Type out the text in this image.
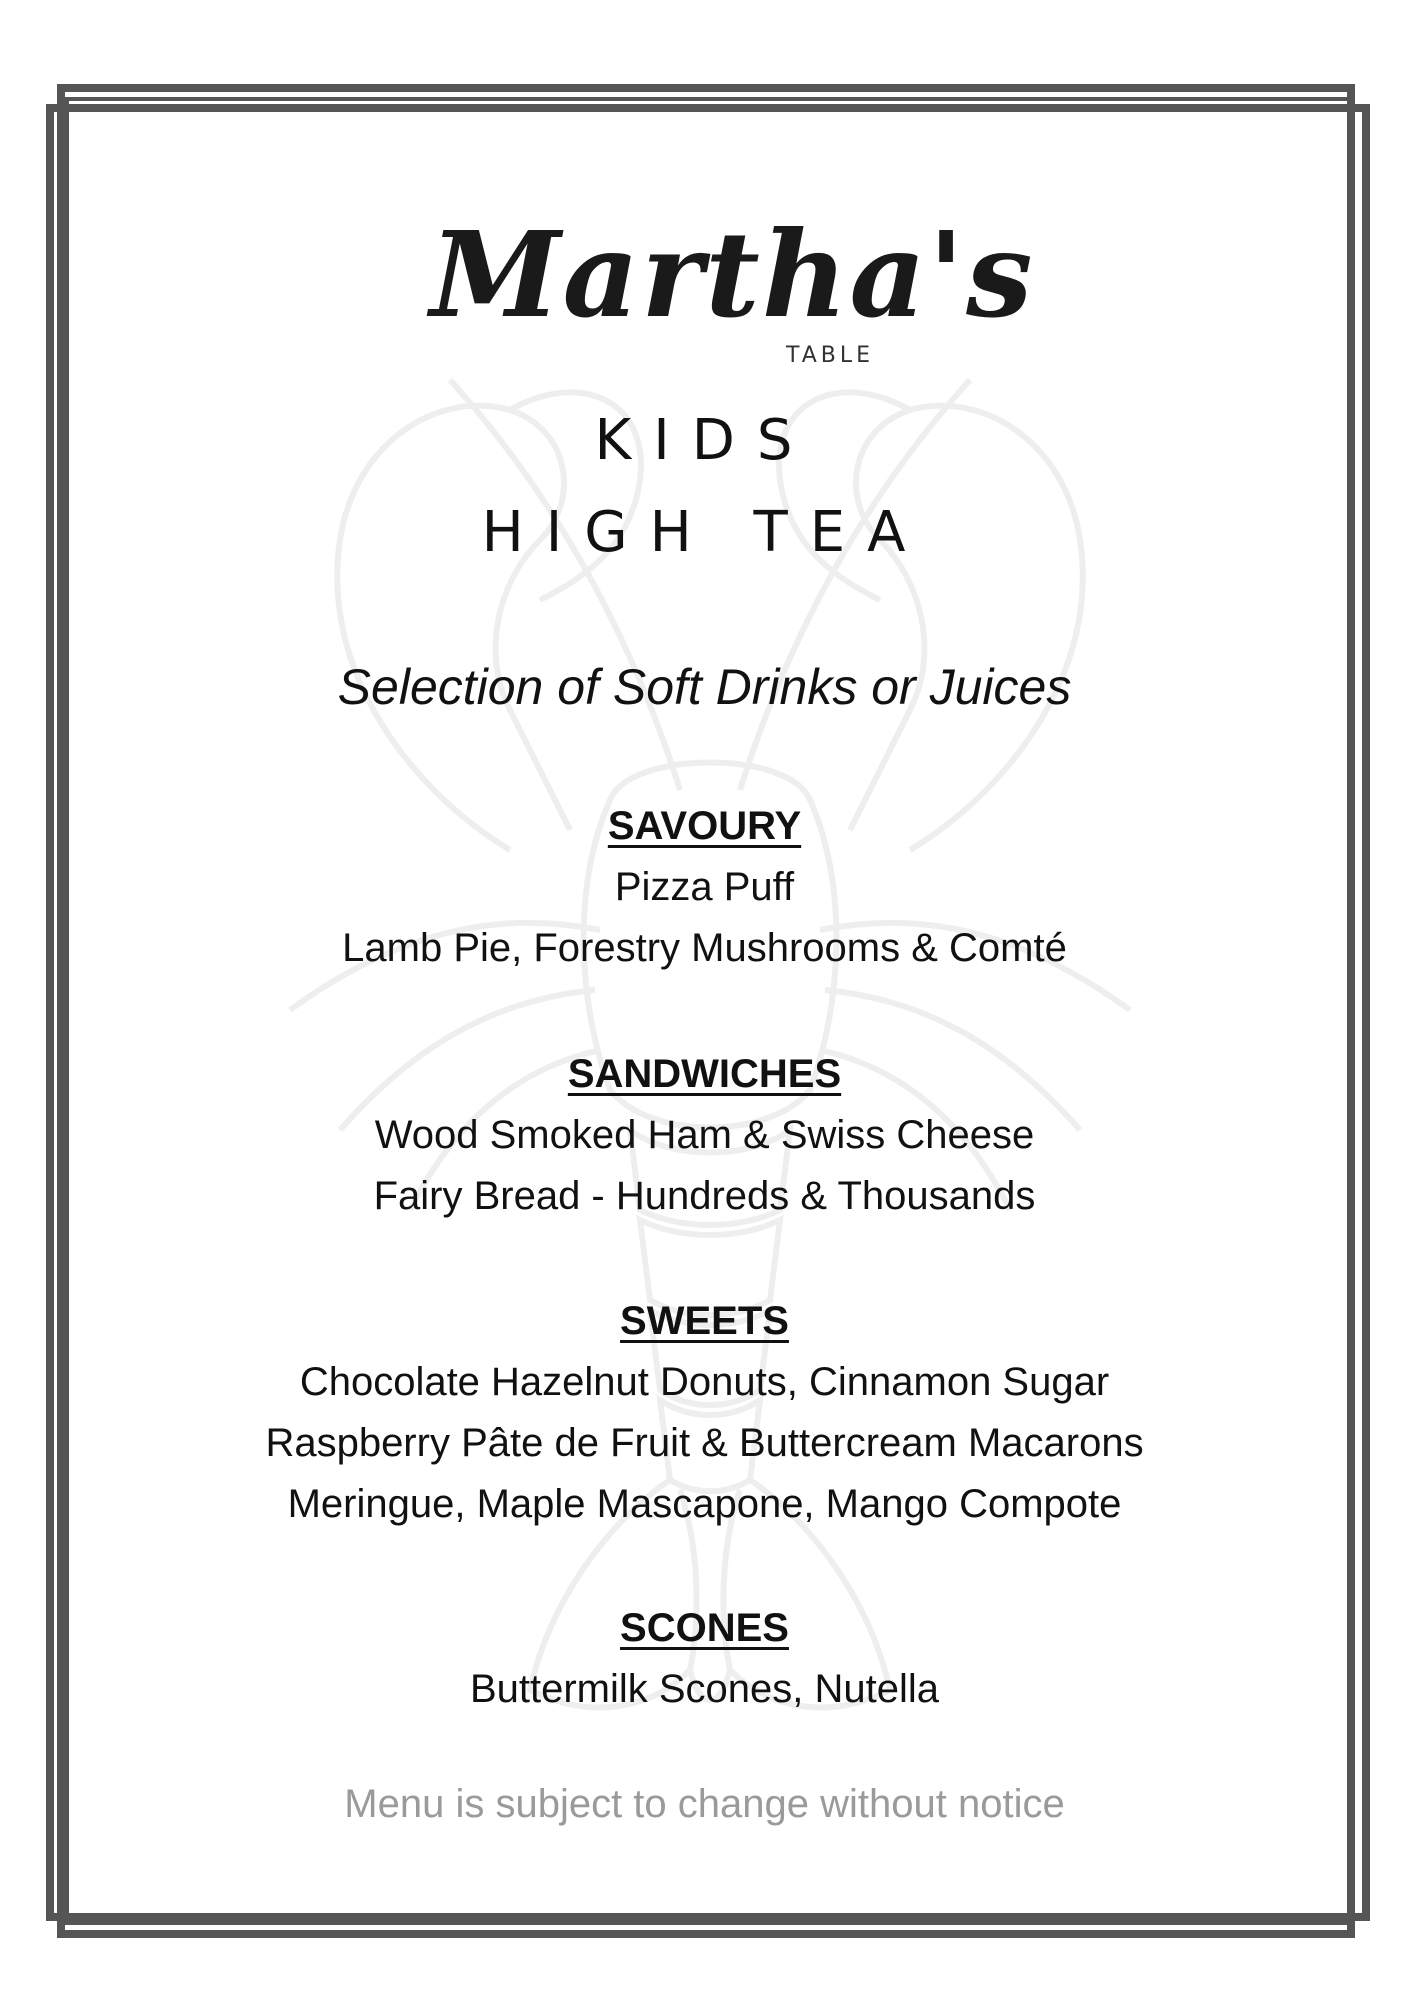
Martha's
TABLE
KIDS
HIGH TEA
Selection of Soft Drinks or Juices

SAVOURY

Pizza Puff

Lamb Pie, Forestry Mushrooms & Comté

SANDWICHES

Wood Smoked Ham & Swiss Cheese

Fairy Bread - Hundreds & Thousands

SWEETS

Chocolate Hazelnut Donuts, Cinnamon Sugar

Raspberry Pâte de Fruit & Buttercream Macarons

Meringue, Maple Mascapone, Mango Compote

SCONES

Buttermilk Scones, Nutella

Menu is subject to change without notice
